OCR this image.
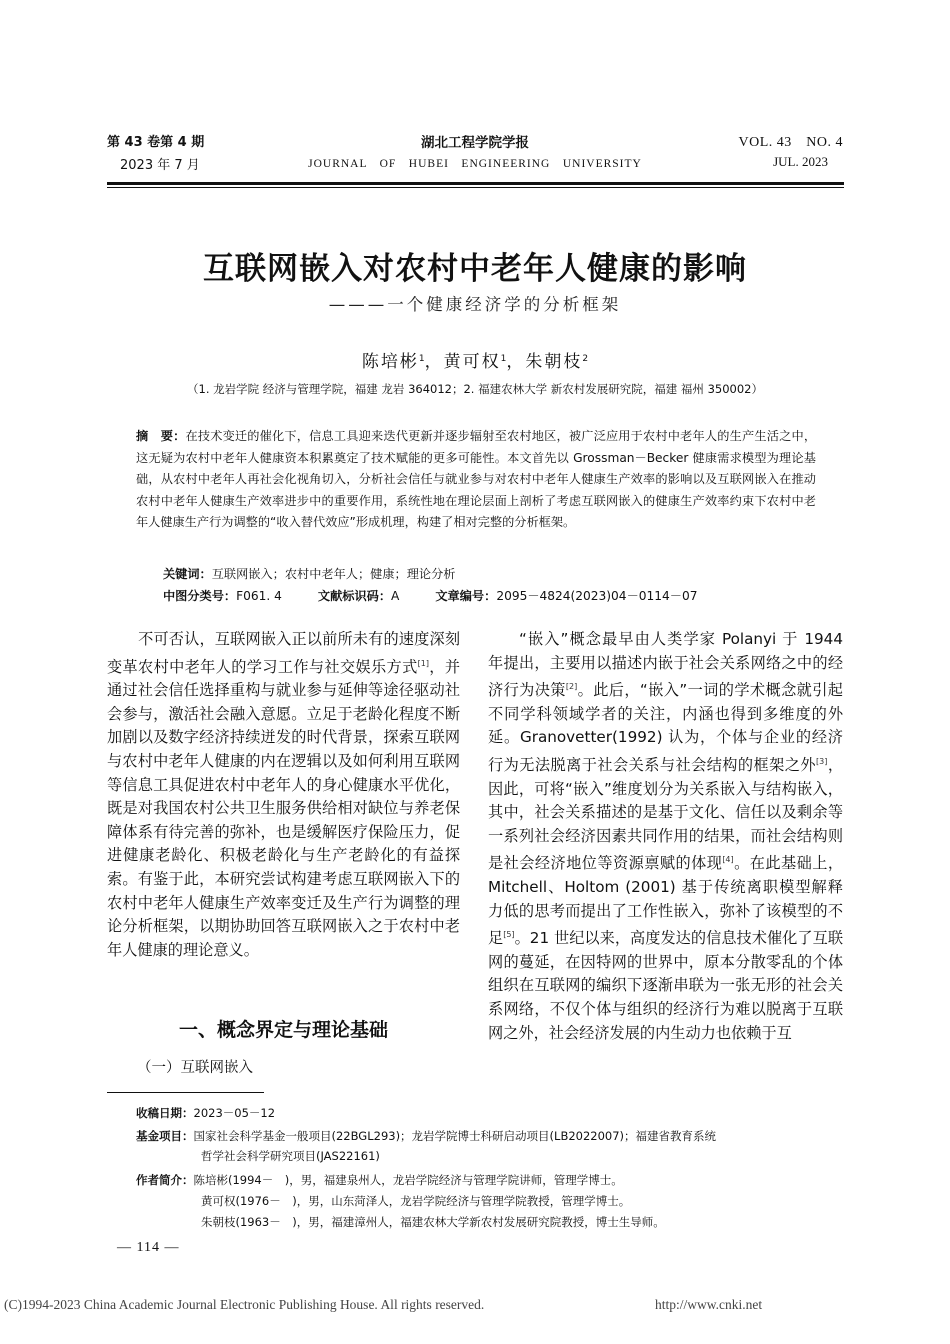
第 43 卷第 4 期
2023 年 7 月
湖北工程学院学报
JOURNAL　OF　HUBEI　ENGINEERING　UNIVERSITY
VOL. 43　NO. 4
JUL. 2023
互联网嵌入对农村中老年人健康的影响
———一个健康经济学的分析框架
陈培彬$^1$，黄可权$^1$，朱朝枝$^2$
（1. 龙岩学院 经济与管理学院，福建 龙岩 364012；2. 福建农林大学 新农村发展研究院，福建 福州 350002）
摘　要：在技术变迁的催化下，信息工具迎来迭代更新并逐步辐射至农村地区，被广泛应用于农村中老年人的生产生活之中，这无疑为农村中老年人健康资本积累奠定了技术赋能的更多可能性。本文首先以 Grossman－Becker 健康需求模型为理论基础，从农村中老年人再社会化视角切入，分析社会信任与就业参与对农村中老年人健康生产效率的影响以及互联网嵌入在推动农村中老年人健康生产效率进步中的重要作用，系统性地在理论层面上剖析了考虑互联网嵌入的健康生产效率约束下农村中老年人健康生产行为调整的“收入替代效应”形成机理，构建了相对完整的分析框架。
关键词：互联网嵌入；农村中老年人；健康；理论分析
中图分类号：F061. 4	文献标识码：A	文章编号：2095－4824(2023)04－0114－07
不可否认，互联网嵌入正以前所未有的速度深刻变革农村中老年人的学习工作与社交娱乐方式[1]，并通过社会信任选择重构与就业参与延伸等途径驱动社会参与，激活社会融入意愿。立足于老龄化程度不断加剧以及数字经济持续迸发的时代背景，探索互联网与农村中老年人健康的内在逻辑以及如何利用互联网等信息工具促进农村中老年人的身心健康水平优化，既是对我国农村公共卫生服务供给相对缺位与养老保障体系有待完善的弥补，也是缓解医疗保险压力，促进健康老龄化、积极老龄化与生产老龄化的有益探索。有鉴于此，本研究尝试构建考虑互联网嵌入下的农村中老年人健康生产效率变迁及生产行为调整的理论分析框架，以期协助回答互联网嵌入之于农村中老年人健康的理论意义。
一、概念界定与理论基础
（一）互联网嵌入
“嵌入”概念最早由人类学家 Polanyi 于 1944 年提出，主要用以描述内嵌于社会关系网络之中的经济行为决策[2]。此后，“嵌入”一词的学术概念就引起不同学科领域学者的关注，内涵也得到多维度的外延。Granovetter(1992) 认为，个体与企业的经济行为无法脱离于社会关系与社会结构的框架之外[3]，因此，可将“嵌入”维度划分为关系嵌入与结构嵌入，其中，社会关系描述的是基于文化、信任以及剩余等一系列社会经济因素共同作用的结果，而社会结构则是社会经济地位等资源禀赋的体现[4]。在此基础上，Mitchell、Holtom (2001) 基于传统离职模型解释力低的思考而提出了工作性嵌入，弥补了该模型的不足[5]。21 世纪以来，高度发达的信息技术催化了互联网的蔓延，在因特网的世界中，原本分散零乱的个体组织在互联网的编织下逐渐串联为一张无形的社会关系网络，不仅个体与组织的经济行为难以脱离于互联网之外，社会经济发展的内生动力也依赖于互
收稿日期：2023－05－12
基金项目：国家社会科学基金一般项目(22BGL293)；龙岩学院博士科研启动项目(LB2022007)；福建省教育系统
哲学社会科学研究项目(JAS22161)
作者简介：陈培彬(1994－　)，男，福建泉州人，龙岩学院经济与管理学院讲师，管理学博士。
黄可权(1976－　)，男，山东菏泽人，龙岩学院经济与管理学院教授，管理学博士。
朱朝枝(1963－　)，男，福建漳州人，福建农林大学新农村发展研究院教授，博士生导师。
— 114 —
(C)1994-2023 China Academic Journal Electronic Publishing House. All rights reserved.	http://www.cnki.net
